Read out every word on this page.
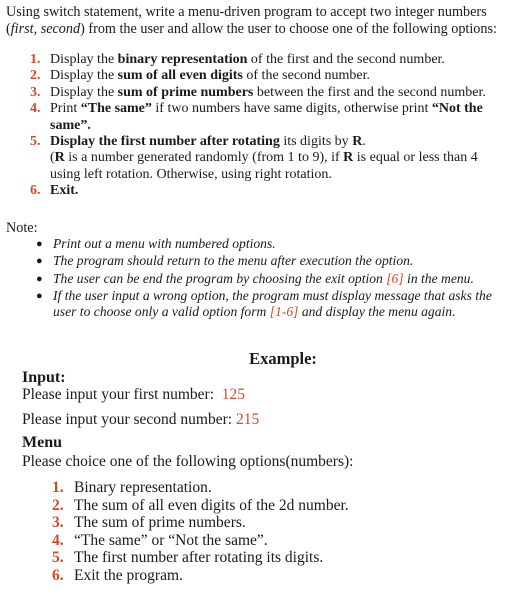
Using switch statement, write a menu-driven program to accept two integer numbers (first, second) from the user and allow the user to choose one of the following options:
1. Display the binary representation of the first and the second number.
2. Display the sum of all even digits of the second number.
3. Display the sum of prime numbers between the first and the second number.
4. Print “The same” if two numbers have same digits, otherwise print “Not the same”.
5. Display the first number after rotating its digits by R.
(R is a number generated randomly (from 1 to 9), if R is equal or less than 4 using left rotation. Otherwise, using right rotation.
6. Exit.
Note:
● Print out a menu with numbered options.
● The program should return to the menu after execution the option.
● The user can be end the program by choosing the exit option [6] in the menu.
● If the user input a wrong option, the program must display message that asks the user to choose only a valid option form [1-6] and display the menu again.
Example:
Input:
Please input your first number:  125
Please input your second number: 215
Menu
Please choice one of the following options(numbers):
1. Binary representation.
2. The sum of all even digits of the 2d number.
3. The sum of prime numbers.
4. “The same” or “Not the same”.
5. The first number after rotating its digits.
6. Exit the program.
